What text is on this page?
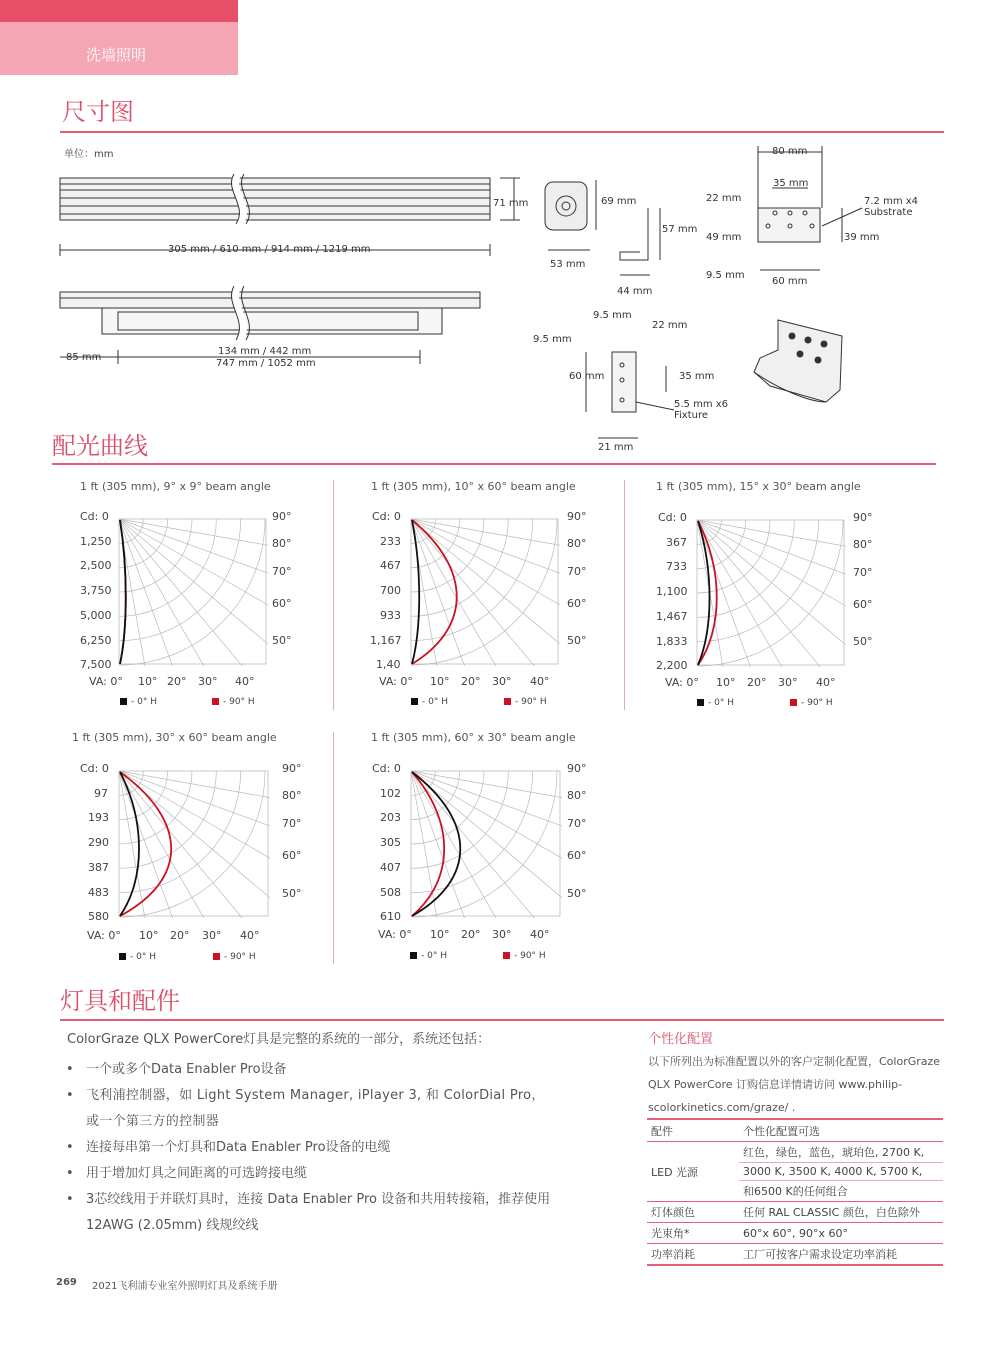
洗墙照明
尺寸图
单位：mm
71 mm
305 mm / 610 mm / 914 mm / 1219 mm
85 mm
134 mm / 442 mm
747 mm / 1052 mm
69 mm
53 mm
57 mm
44 mm
80 mm
35 mm
22 mm
49 mm
9.5 mm
60 mm
39 mm
7.2 mm x4
Substrate
9.5 mm
9.5 mm
22 mm
60 mm	35 mm
5.5 mm x6
Fixture
21 mm
配光曲线
1 ft (305 mm), 9° x 9° beam angle
Cd: 0
1,250
2,500
3,750
5,000
6,250
7,500
90°
80°
70°
60°
50°
VA: 0° 10° 20° 30° 40°
- 0° H	- 90° H
1 ft (305 mm), 10° x 60° beam angle
Cd: 0
233
467
700
933
1,167
1,40
90°
80°
70°
60°
50°
VA: 0° 10° 20° 30° 40°
- 0° H	- 90° H
1 ft (305 mm), 15° x 30° beam angle
Cd: 0
367
733
1,100
1,467
1,833
2,200
90°
80°
70°
60°
50°
VA: 0° 10° 20° 30° 40°
- 0° H	- 90° H
1 ft (305 mm), 30° x 60° beam angle
Cd: 0
97
193
290
387
483
580
90°
80°
70°
60°
50°
VA: 0° 10° 20° 30° 40°
- 0° H	- 90° H
1 ft (305 mm), 60° x 30° beam angle
Cd: 0
102
203
305
407
508
610
90°
80°
70°
60°
50°
VA: 0° 10° 20° 30° 40°
- 0° H	- 90° H
灯具和配件
ColorGraze QLX PowerCore灯具是完整的系统的一部分，系统还包括：
• 一个或多个Data Enabler Pro设备
• 飞利浦控制器，如 Light System Manager, iPlayer 3, 和 ColorDial Pro，或一个第三方的控制器
• 连接每串第一个灯具和Data Enabler Pro设备的电缆
• 用于增加灯具之间距离的可选跨接电缆
• 3芯绞线用于并联灯具时，连接 Data Enabler Pro 设备和共用转接箱，推荐使用12AWG (2.05mm) 线规绞线
个性化配置
以下所列出为标准配置以外的客户定制化配置，ColorGraze QLX PowerCore 订购信息详情请访问 www.philip-scolorkinetics.com/graze/ .
配件	个性化配置可选
LED 光源	红色，绿色，蓝色，琥珀色, 2700 K,
3000 K, 3500 K, 4000 K, 5700 K,
和6500 K的任何组合

灯体颜色	任何 RAL CLASSIC 颜色，白色除外
光束角*	60°x 60°, 90°x 60°
功率消耗	工厂可按客户需求设定功率消耗
269 2021飞利浦专业室外照明灯具及系统手册
